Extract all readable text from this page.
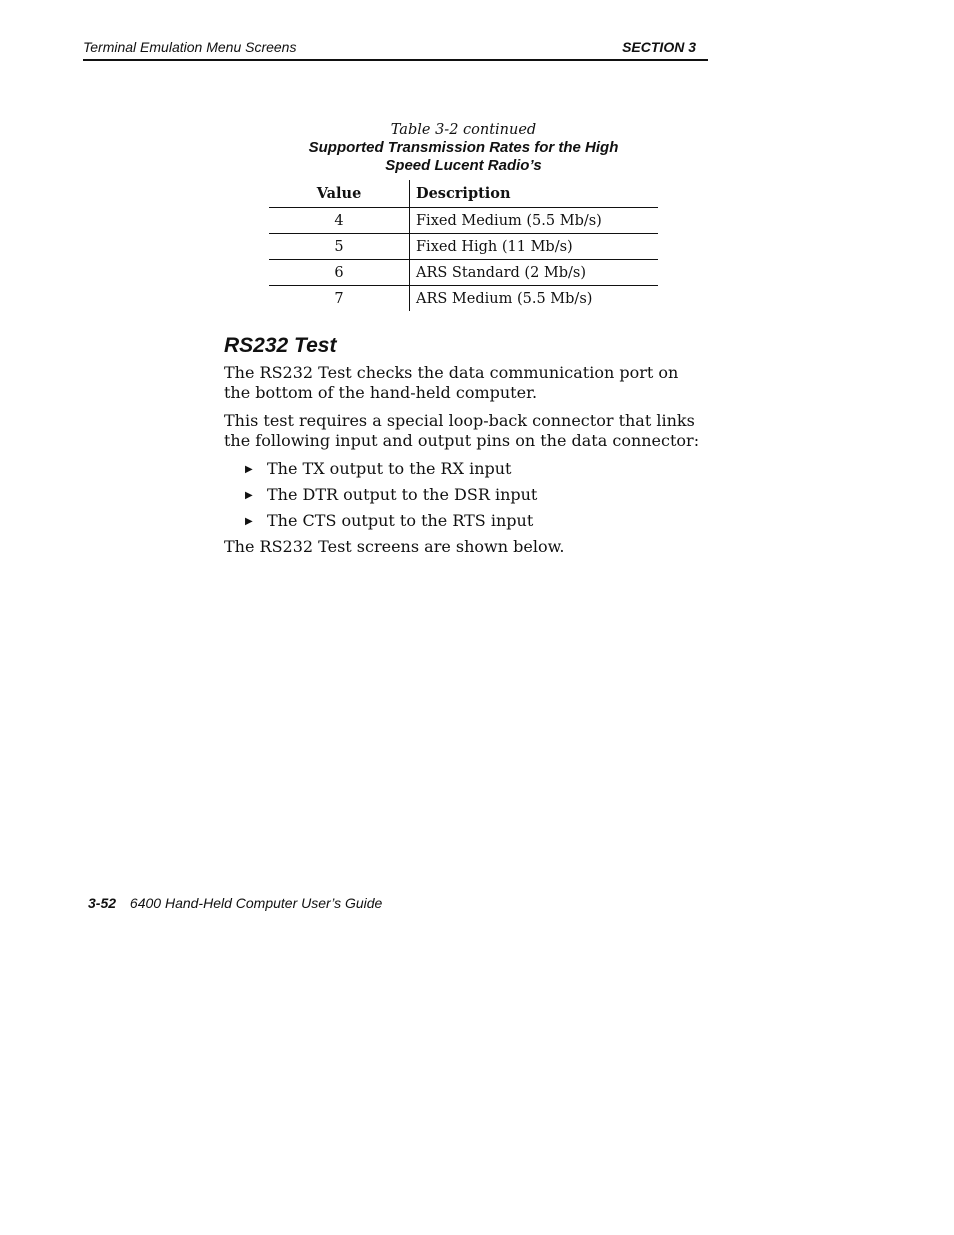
Terminal Emulation Menu Screens	SECTION 3
Table 3-2 continued
Supported Transmission Rates for the High
Speed Lucent Radio’s
Value	Description
4	Fixed Medium (5.5 Mb/s)
5	Fixed High (11 Mb/s)
6	ARS Standard (2 Mb/s)
7	ARS Medium (5.5 Mb/s)
RS232 Test

The RS232 Test checks the data communication port on the bottom of the hand-held computer.

This test requires a special loop-back connector that links the following input and output pins on the data connector:

▶ The TX output to the RX input
▶ The DTR output to the DSR input
▶ The CTS output to the RTS input

The RS232 Test screens are shown below.

3-52 6400 Hand-Held Computer User’s Guide
